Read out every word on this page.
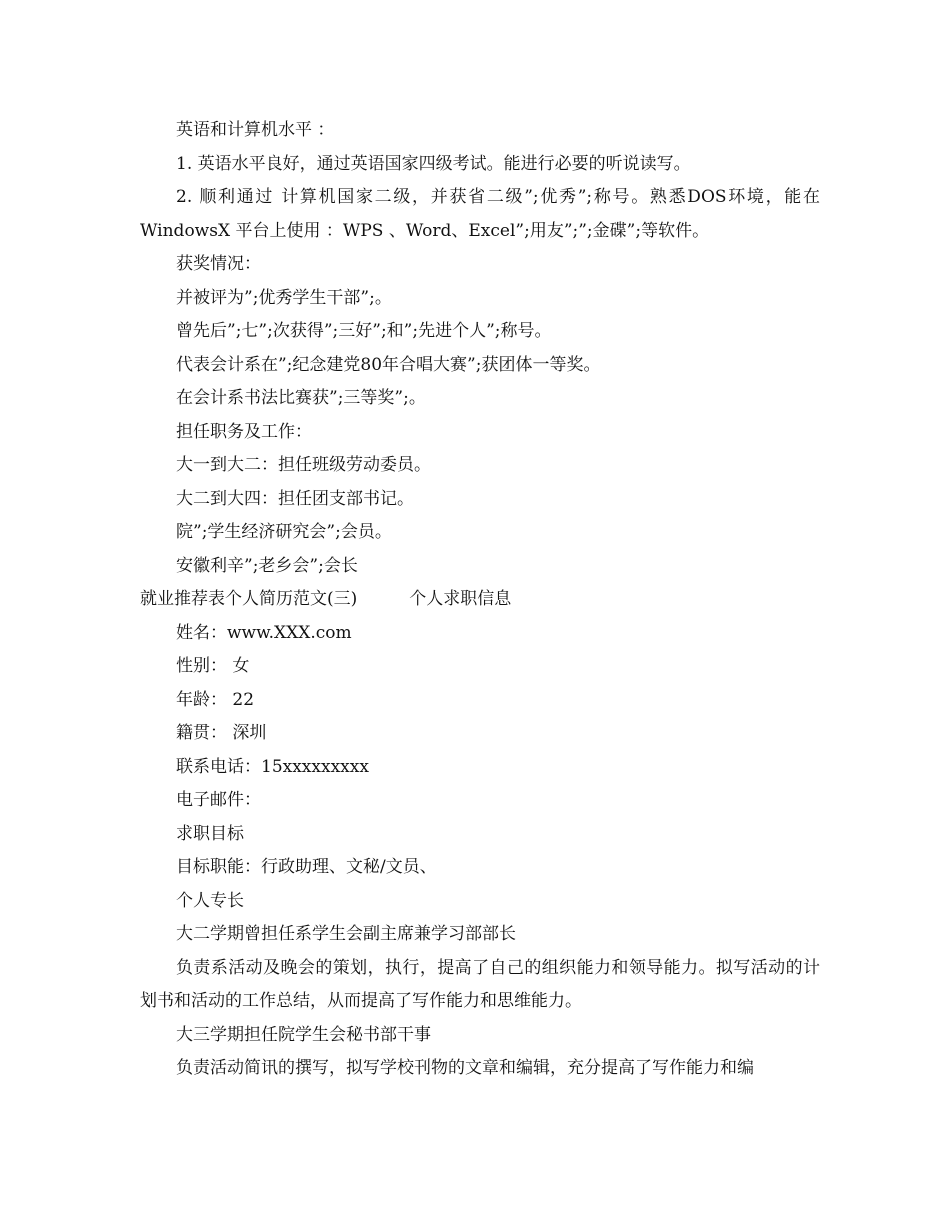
英语和计算机水平 ：
1. 英语水平良好，通过英语国家四级考试。能进行必要的听说读写。
2. 顺利通过 计算机国家二级，并获省二级”;优秀”;称号。熟悉DOS环境，能在WindowsX 平台上使用 ：WPS 、Word、Excel”;用友”;”;金碟”;等软件。
获奖情况：
并被评为”;优秀学生干部”;。
曾先后”;七”;次获得”;三好”;和”;先进个人”;称号。
代表会计系在”;纪念建党80年合唱大赛”;获团体一等奖。
在会计系书法比赛获”;三等奖”;。
担任职务及工作：
大一到大二：担任班级劳动委员。
大二到大四：担任团支部书记。
院”;学生经济研究会”;会员。
安徽利辛”;老乡会”;会长
就业推荐表个人简历范文(三)	个人求职信息
姓名：www.XXX.com
性别： 女
年龄： 22
籍贯： 深圳
联系电话：15xxxxxxxxx
电子邮件：
求职目标
目标职能：行政助理、文秘/文员、
个人专长
大二学期曾担任系学生会副主席兼学习部部长
负责系活动及晚会的策划，执行，提高了自己的组织能力和领导能力。拟写活动的计划书和活动的工作总结，从而提高了写作能力和思维能力。
大三学期担任院学生会秘书部干事
负责活动简讯的撰写，拟写学校刊物的文章和编辑，充分提高了写作能力和编
